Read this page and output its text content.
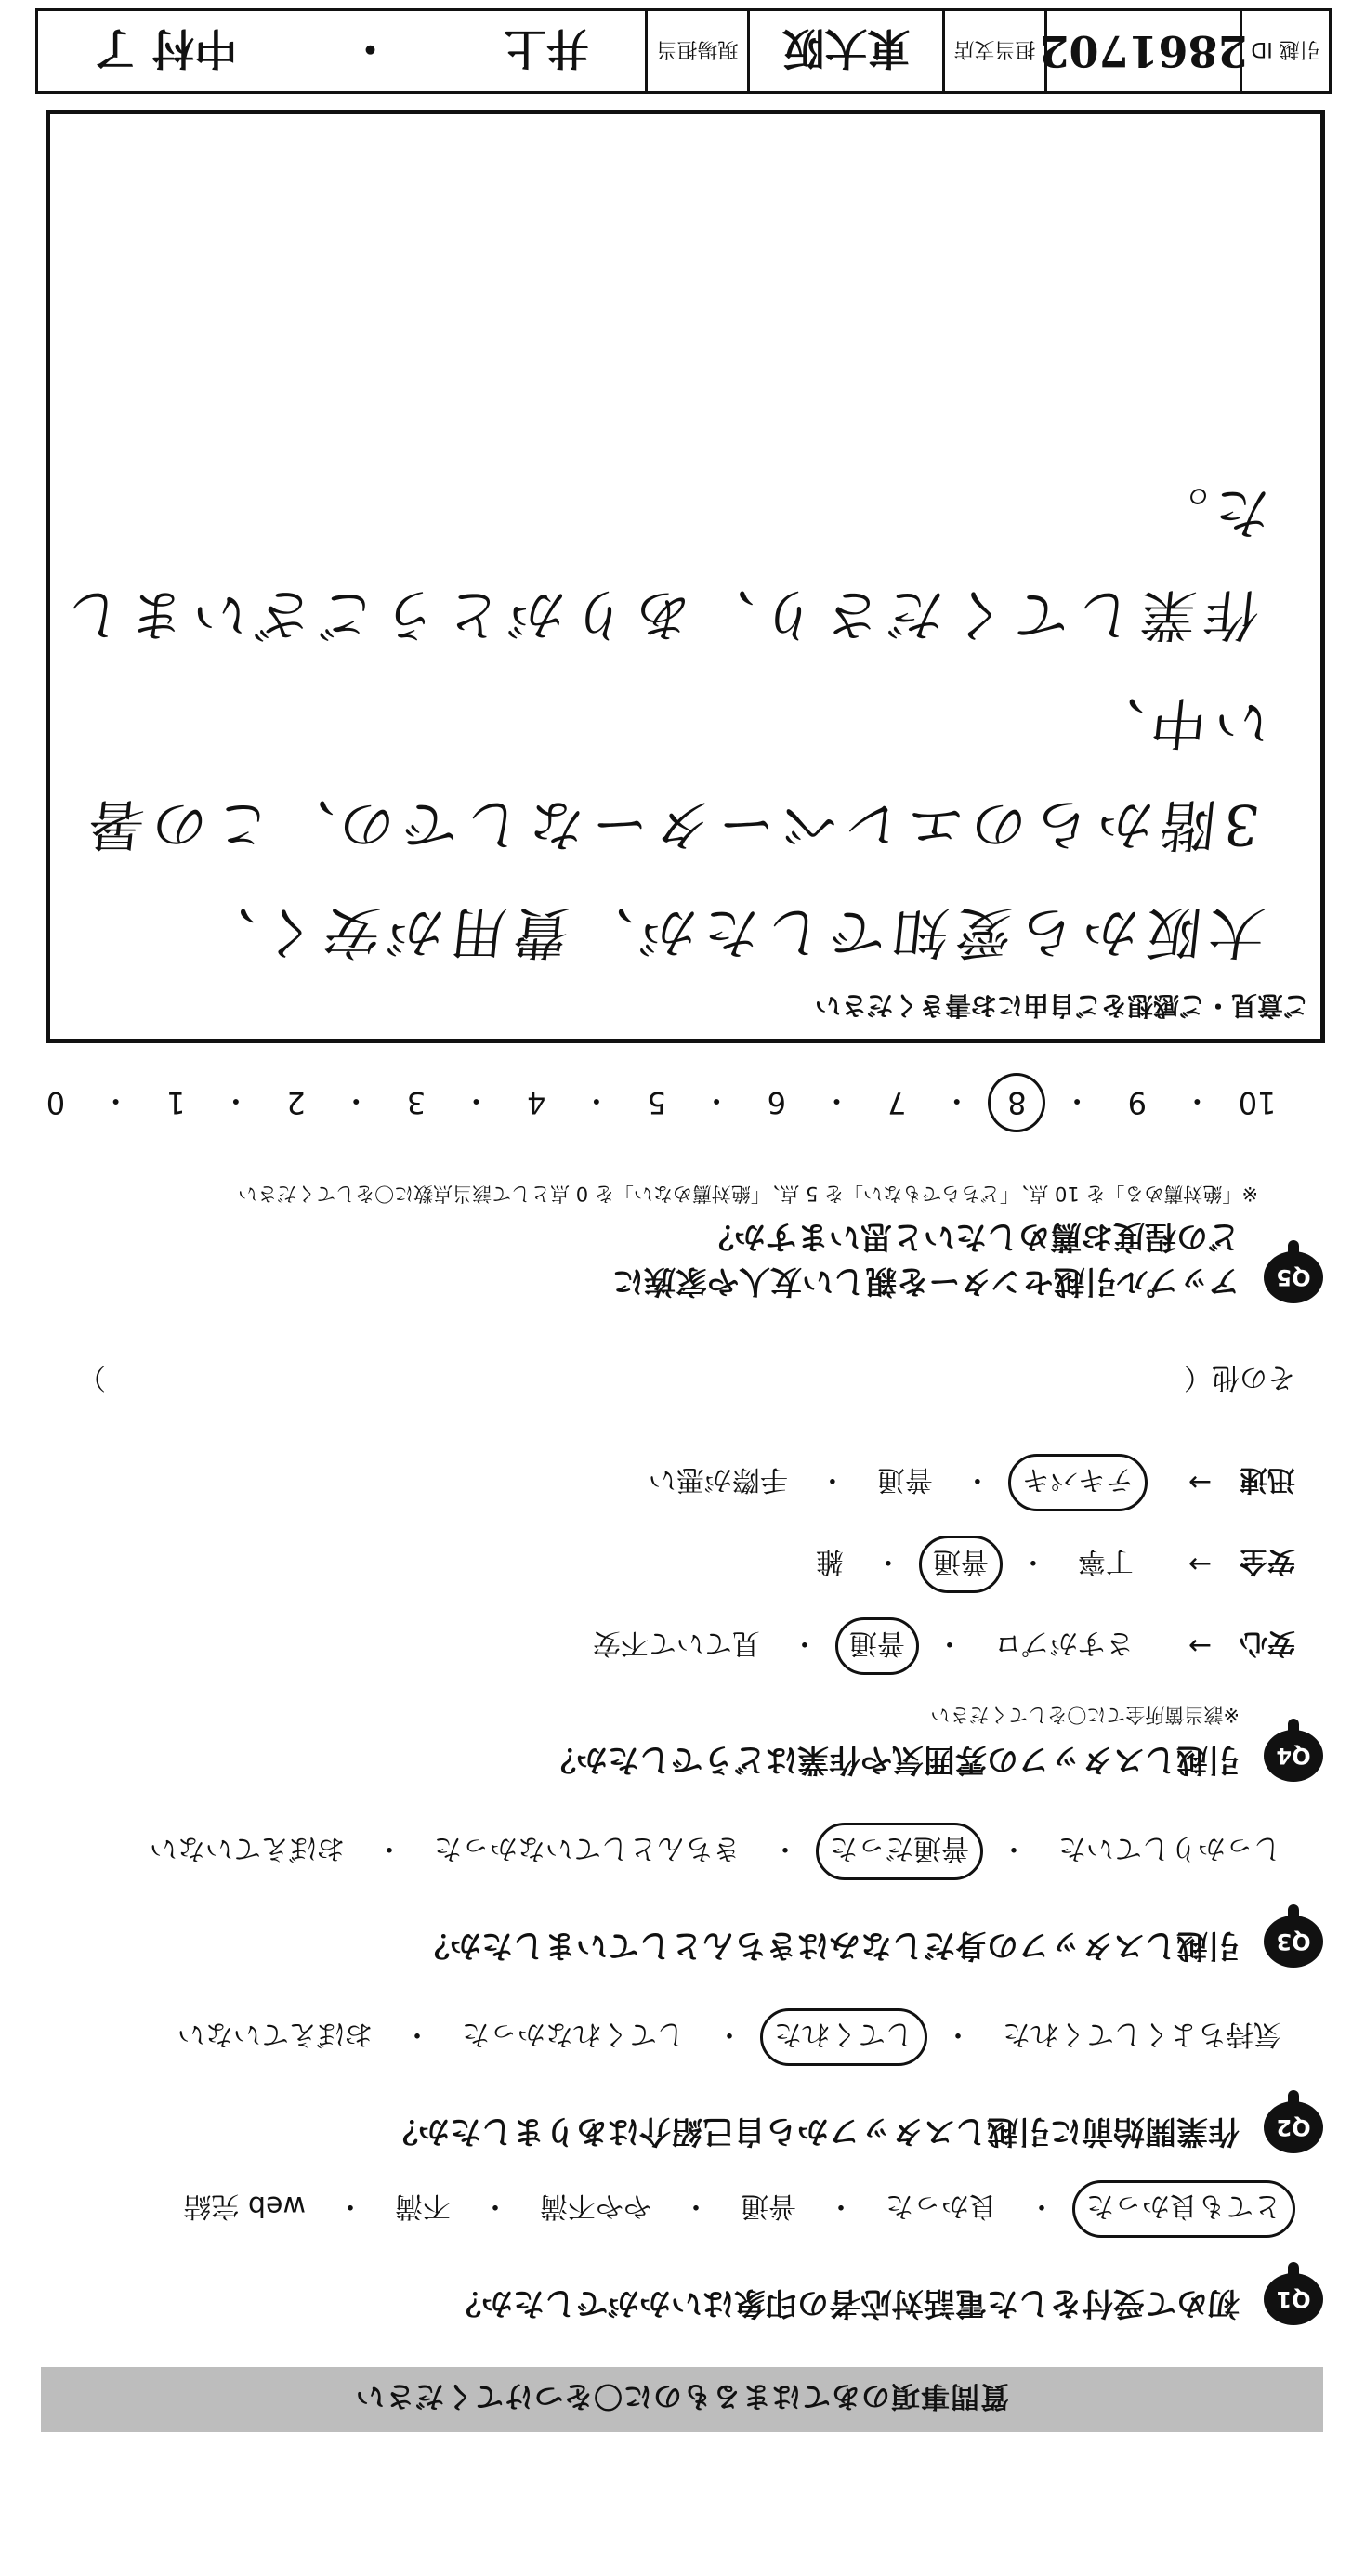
質問事項のあてはまるものに〇をつけてください
Q1
初めて受付をした電話対応者の印象はいかがでしたか？
とても良かった
・
良かった
・
普通
・
やや不満
・
不満
・
web 完結
Q2
作業開始前に引越しスタッフから自己紹介はありましたか？
気持ちよくしてくれた
・
してくれた
・
してくれなかった
・
おぼえていない
Q3
引越しスタッフの身だしなみはきちんとしていましたか？
しっかりしていた
・
普通だった
・
きちんとしていなかった
・
おぼえていない
Q4
引越しスタッフの雰囲気や作業はどうでしたか？
※該当箇所全てに〇をしてください
安心
→
さすがプロ
・
普通
・
見ていて不安
安全
→
丁寧
・
普通
・
雑
迅速
→
テキパキ
・
普通
・
手際が悪い
その他（
）
Q5
アップル引越センターを親しい友人や家族に
どの程度お薦めしたいと思いますか？
※「絶対薦める」を 10 点、「どちらでもない」を 5 点、「絶対薦めない」を 0 点として該当点数に〇をしてください
10
・
9
・
8
・
7
・
6
・
5
・
4
・
3
・
2
・
1
・
0
ご意見・ご感想をご自由にお書きください
大阪から愛知でしたが、費用が安く、
3階からのエレベーターなしでの、この暑い中、
作業してくださり、ありがとうございました。
引越 ID
2861702
担当支店
東大阪
現場担当
井上
・
中村 了
